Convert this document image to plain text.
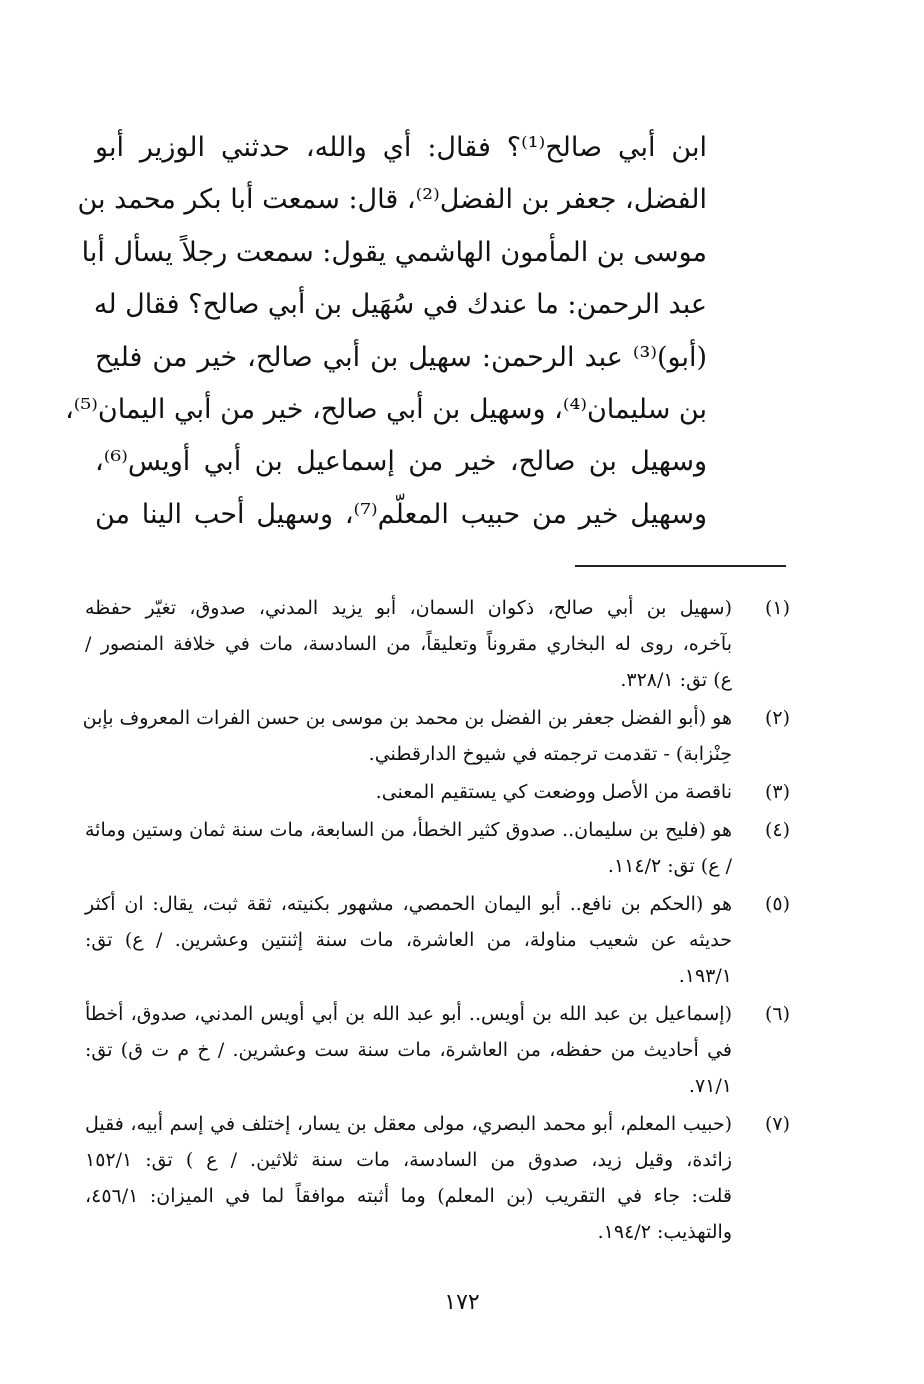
ابن أبي صالح⁽¹⁾؟ فقال: أي والله، حدثني الوزير أبو
الفضل، جعفر بن الفضل⁽²⁾، قال: سمعت أبا بكر محمد بن
موسى بن المأمون الهاشمي يقول: سمعت رجلاً يسأل أبا
عبد الرحمن: ما عندك في سُهَيل بن أبي صالح؟ فقال له
(أبو)⁽³⁾ عبد الرحمن: سهيل بن أبي صالح، خير من فليح
بن سليمان⁽⁴⁾، وسهيل بن أبي صالح، خير من أبي اليمان⁽⁵⁾،
وسهيل بن صالح، خير من إسماعيل بن أبي أويس⁽⁶⁾،
وسهيل خير من حبيب المعلّم⁽⁷⁾، وسهيل أحب الينا من
(١)
(سهيل بن أبي صالح، ذكوان السمان، أبو يزيد المدني، صدوق، تغيّر حفظه
بآخره، روى له البخاري مقروناً وتعليقاً، من السادسة، مات في خلافة المنصور /
ع) تق: ٣٢٨/١.
(٢)
هو (أبو الفضل جعفر بن الفضل بن محمد بن موسى بن حسن الفرات المعروف بإبن
حِنْزابة) - تقدمت ترجمته في شيوخ الدارقطني.
(٣)
ناقصة من الأصل ووضعت كي يستقيم المعنى.
(٤)
هو (فليح بن سليمان.. صدوق كثير الخطأ، من السابعة، مات سنة ثمان وستين ومائة
/ ع) تق: ١١٤/٢.
(٥)
هو (الحكم بن نافع.. أبو اليمان الحمصي، مشهور بكنيته، ثقة ثبت، يقال: ان أكثر
حديثه عن شعيب مناولة، من العاشرة، مات سنة إثنتين وعشرين. / ع) تق:
١٩٣/١.
(٦)
(إسماعيل بن عبد الله بن أويس.. أبو عبد الله بن أبي أويس المدني، صدوق، أخطأ
في أحاديث من حفظه، من العاشرة، مات سنة ست وعشرين. / خ م ت ق) تق:
٧١/١.
(٧)
(حبيب المعلم، أبو محمد البصري، مولى معقل بن يسار، إختلف في إسم أبيه، فقيل
زائدة، وقيل زيد، صدوق من السادسة، مات سنة ثلاثين. / ع ) تق: ١٥٢/١
قلت: جاء في التقريب (بن المعلم) وما أثبته موافقاً لما في الميزان: ٤٥٦/١،
والتهذيب: ١٩٤/٢.
١٧٢
